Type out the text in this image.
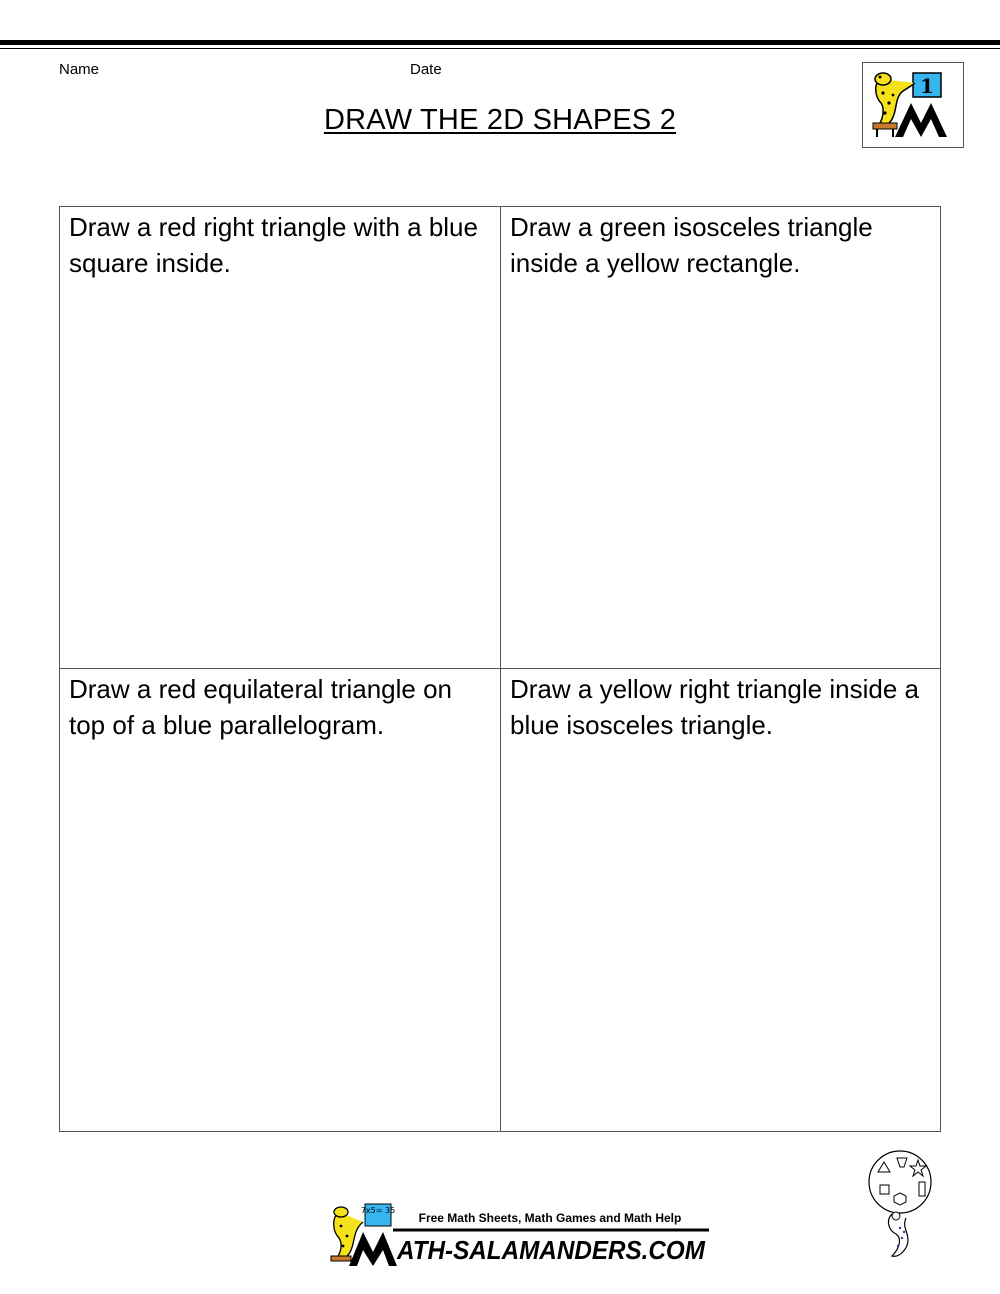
Name	Date
DRAW THE 2D SHAPES 2
1
Draw a red right triangle with a blue square inside.
Draw a green isosceles triangle inside a yellow rectangle.
Draw a red equilateral triangle on top of a blue parallelogram.
Draw a yellow right triangle inside a blue isosceles triangle.
7x5= 35
Free Math Sheets, Math Games and Math Help
ATH-SALAMANDERS.COM
